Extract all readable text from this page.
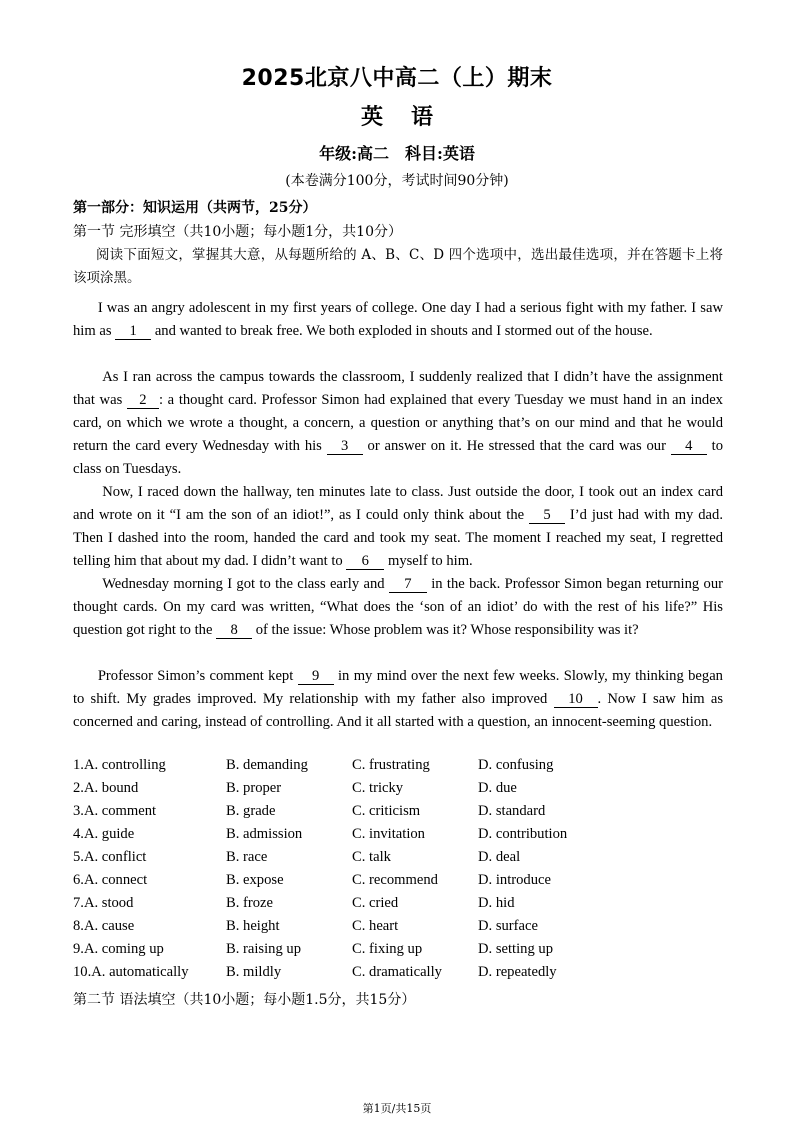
2025北京八中高二（上）期末
英语
年级:高二　科目:英语
(本卷满分100分，考试时间90分钟)
第一部分：知识运用（共两节，25分）
第一节 完形填空（共10小题；每小题1分，共10分）
阅读下面短文，掌握其大意，从每题所给的 A、B、C、D 四个选项中，选出最佳选项，并在答题卡上将该项涂黑。
I was an angry adolescent in my first years of college. One day I had a serious fight with my father. I saw him as 1 and wanted to break free. We both exploded in shouts and I stormed out of the house.
As I ran across the campus towards the classroom, I suddenly realized that I didn’t have the assignment that was 2 : a thought card. Professor Simon had explained that every Tuesday we must hand in an index card, on which we wrote a thought, a concern, a question or anything that’s on our mind and that he would return the card every Wednesday with his 3 or answer on it. He stressed that the card was our 4 to class on Tuesdays.
Now, I raced down the hallway, ten minutes late to class. Just outside the door, I took out an index card and wrote on it “I am the son of an idiot!”, as I could only think about the 5 I’d just had with my dad. Then I dashed into the room, handed the card and took my seat. The moment I reached my seat, I regretted telling him that about my dad. I didn’t want to 6 myself to him.
Wednesday morning I got to the class early and 7 in the back. Professor Simon began returning our thought cards. On my card was written, “What does the ‘son of an idiot’ do with the rest of his life?” His question got right to the 8 of the issue: Whose problem was it? Whose responsibility was it?
Professor Simon’s comment kept 9 in my mind over the next few weeks. Slowly, my thinking began to shift. My grades improved. My relationship with my father also improved 10 . Now I saw him as concerned and caring, instead of controlling. And it all started with a question, an innocent-seeming question.
1.A. controlling	B. demanding	C. frustrating	D. confusing
2.A. bound	B. proper	C. tricky	D. due
3.A. comment	B. grade	C. criticism	D. standard
4.A. guide	B. admission	C. invitation	D. contribution
5.A. conflict	B. race	C. talk	D. deal
6.A. connect	B. expose	C. recommend	D. introduce
7.A. stood	B. froze	C. cried	D. hid
8.A. cause	B. height	C. heart	D. surface
9.A. coming up	B. raising up	C. fixing up	D. setting up
10.A. automatically	B. mildly	C. dramatically D. repeatedly
第二节 语法填空（共10小题；每小题1.5分，共15分）
第1页/共15页
